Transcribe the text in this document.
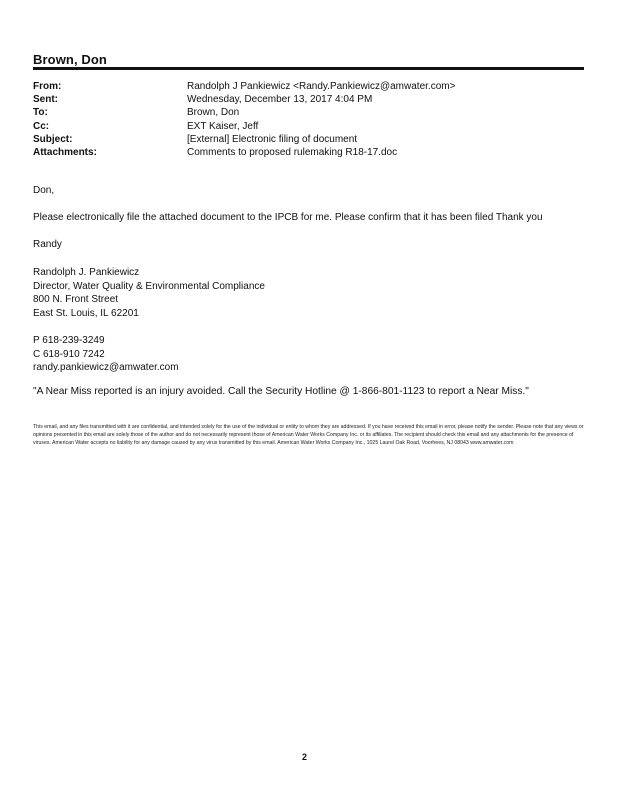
Brown, Don
From:	Randolph J Pankiewicz <Randy.Pankiewicz@amwater.com>
Sent:	Wednesday, December 13, 2017 4:04 PM
To:	Brown, Don
Cc:	EXT Kaiser, Jeff
Subject:	[External] Electronic filing of document
Attachments:	Comments to proposed rulemaking R18-17.doc
Don,
Please electronically file the attached document to the IPCB for me. Please confirm that it has been filed Thank you
Randy
Randolph J. Pankiewicz
Director, Water Quality & Environmental Compliance
800 N. Front Street
East St. Louis, IL 62201
P 618-239-3249
C 618-910 7242
randy.pankiewicz@amwater.com
"A Near Miss reported is an injury avoided. Call the Security Hotline @ 1-866-801-1123 to report a Near Miss."
This email, and any files transmitted with it are confidential, and intended solely for the use of the individual or entity to whom they are addressed. If you have received this email in error, please notify the sender. Please note that any views or opinions presented in this email are solely those of the author and do not necessarily represent those of American Water Works Company Inc. or its affiliates. The recipient should check this email and any attachments for the presence of viruses. American Water accepts no liability for any damage caused by any virus transmitted by this email. American Water Works Company Inc., 1025 Laurel Oak Road, Voorhees, NJ 08043 www.amwater.com
2
